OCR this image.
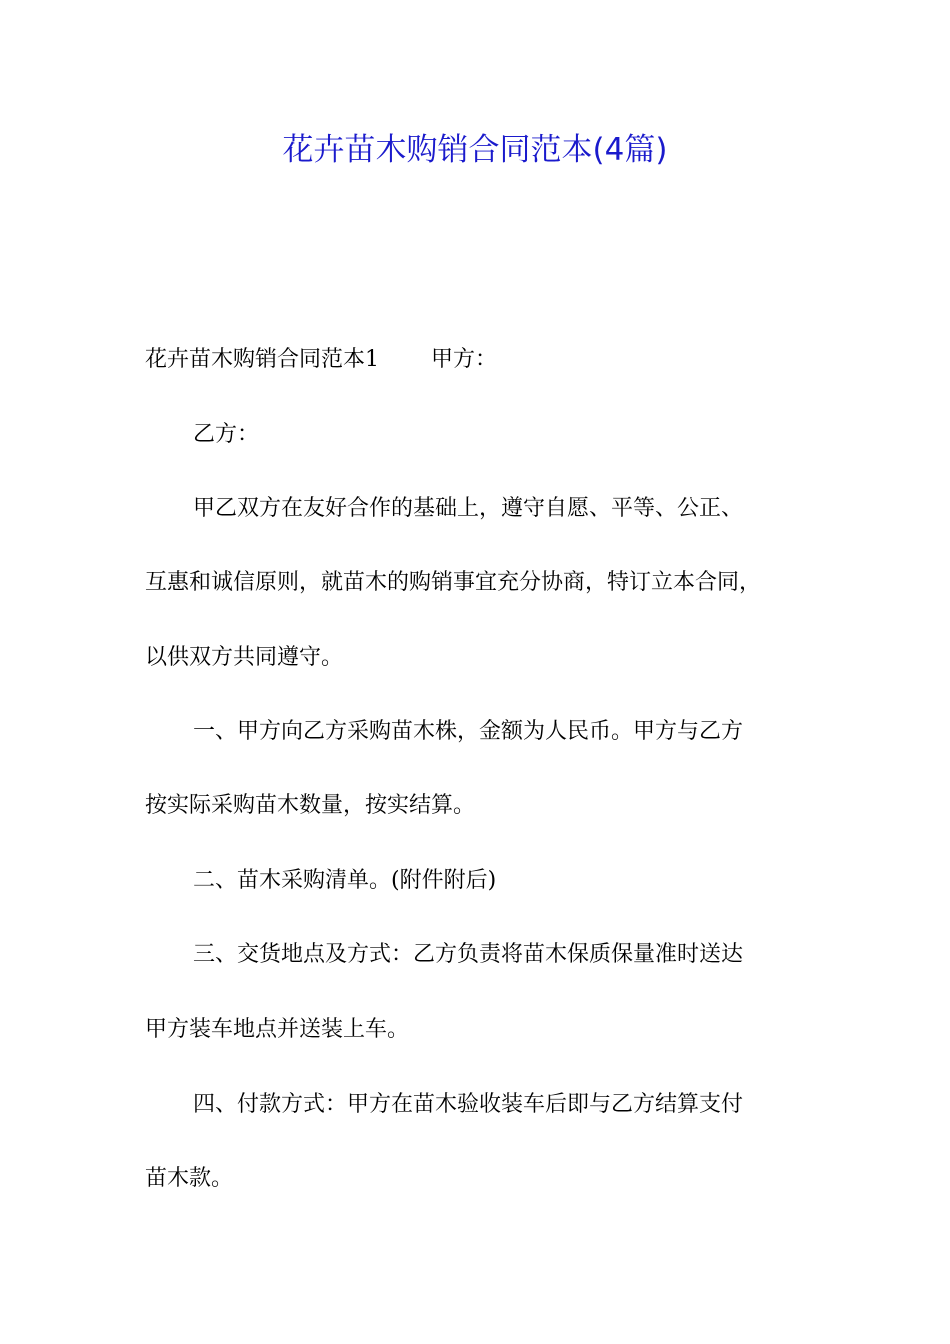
花卉苗木购销合同范本(4篇)
花卉苗木购销合同范本1 甲方：
乙方：
甲乙双方在友好合作的基础上，遵守自愿、平等、公正、
互惠和诚信原则，就苗木的购销事宜充分协商，特订立本合同，
以供双方共同遵守。
一、甲方向乙方采购苗木株，金额为人民币。甲方与乙方
按实际采购苗木数量，按实结算。
二、苗木采购清单。(附件附后)
三、交货地点及方式：乙方负责将苗木保质保量准时送达
甲方装车地点并送装上车。
四、付款方式：甲方在苗木验收装车后即与乙方结算支付
苗木款。
